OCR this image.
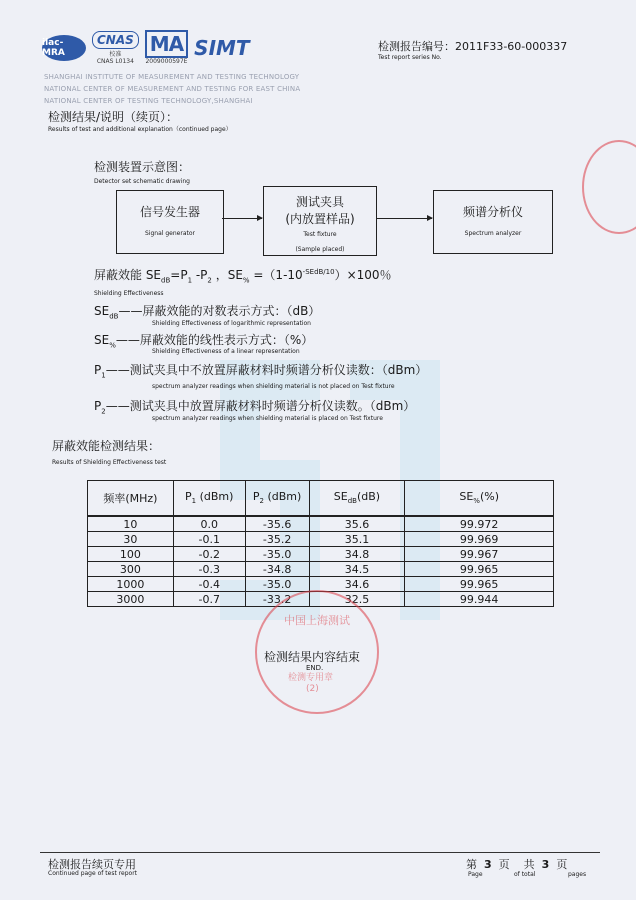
ilac-MRA
CNAS
校准
CNAS L0134
MA
2009000597E
SIMT
SHANGHAI INSTITUTE OF MEASUREMENT AND TESTING TECHNOLOGY
NATIONAL CENTER OF MEASUREMENT AND TESTING FOR EAST CHINA
NATIONAL CENTER OF TESTING TECHNOLOGY,SHANGHAI
检测报告编号：2011F33-60-000337
Test report series No.
检测结果/说明（续页）：
Results of test and additional explanation（continued page）
检测装置示意图：
Detector set schematic drawing
信号发生器
Signal generator
测试夹具
(内放置样品)
Test fixture
(Sample placed)
频谱分析仪
Spectrum analyzer
屏蔽效能 $SE_{dB}=P_1$ $-P_2$ ，$SE_{\%} =(1-10^{-SEdB/10})\times 100$％
Shielding Effectiveness
$SE_{dB}——$屏蔽效能的对数表示方式：（dB）
Shielding Effectiveness of logarithmic representation
$SE_{\%}——$屏蔽效能的线性表示方式：（%）
Shielding Effectiveness of a linear representation
$P_1——$测试夹具中不放置屏蔽材料时频谱分析仪读数：（dBm）
spectrum analyzer readings when shielding material is not placed on Test fixture
$P_2——$测试夹具中放置屏蔽材料时频谱分析仪读数。（dBm）
spectrum analyzer readings when shielding material is placed on Test fixture
屏蔽效能检测结果：
Results of Shielding Effectiveness test
频率(MHz)	$P_1$ (dBm)	$P_2$ (dBm)	$SE_{dB}(dB)$	$SE_{\%}(\%)$
10	0.0	-35.6	35.6	99.972
30	-0.1	-35.2	35.1	99.969
100	-0.2	-35.0	34.8	99.967
300	-0.3	-34.8	34.5	99.965
1000	-0.4	-35.0	34.6	99.965
3000	-0.7	-33.2	32.5	99.944
中国上海测试
检测专用章
(2)
检测结果内容结束
END.
检测报告续页专用
Continued page of test report
第 3 页 共 3 页
Page	of total	pages
